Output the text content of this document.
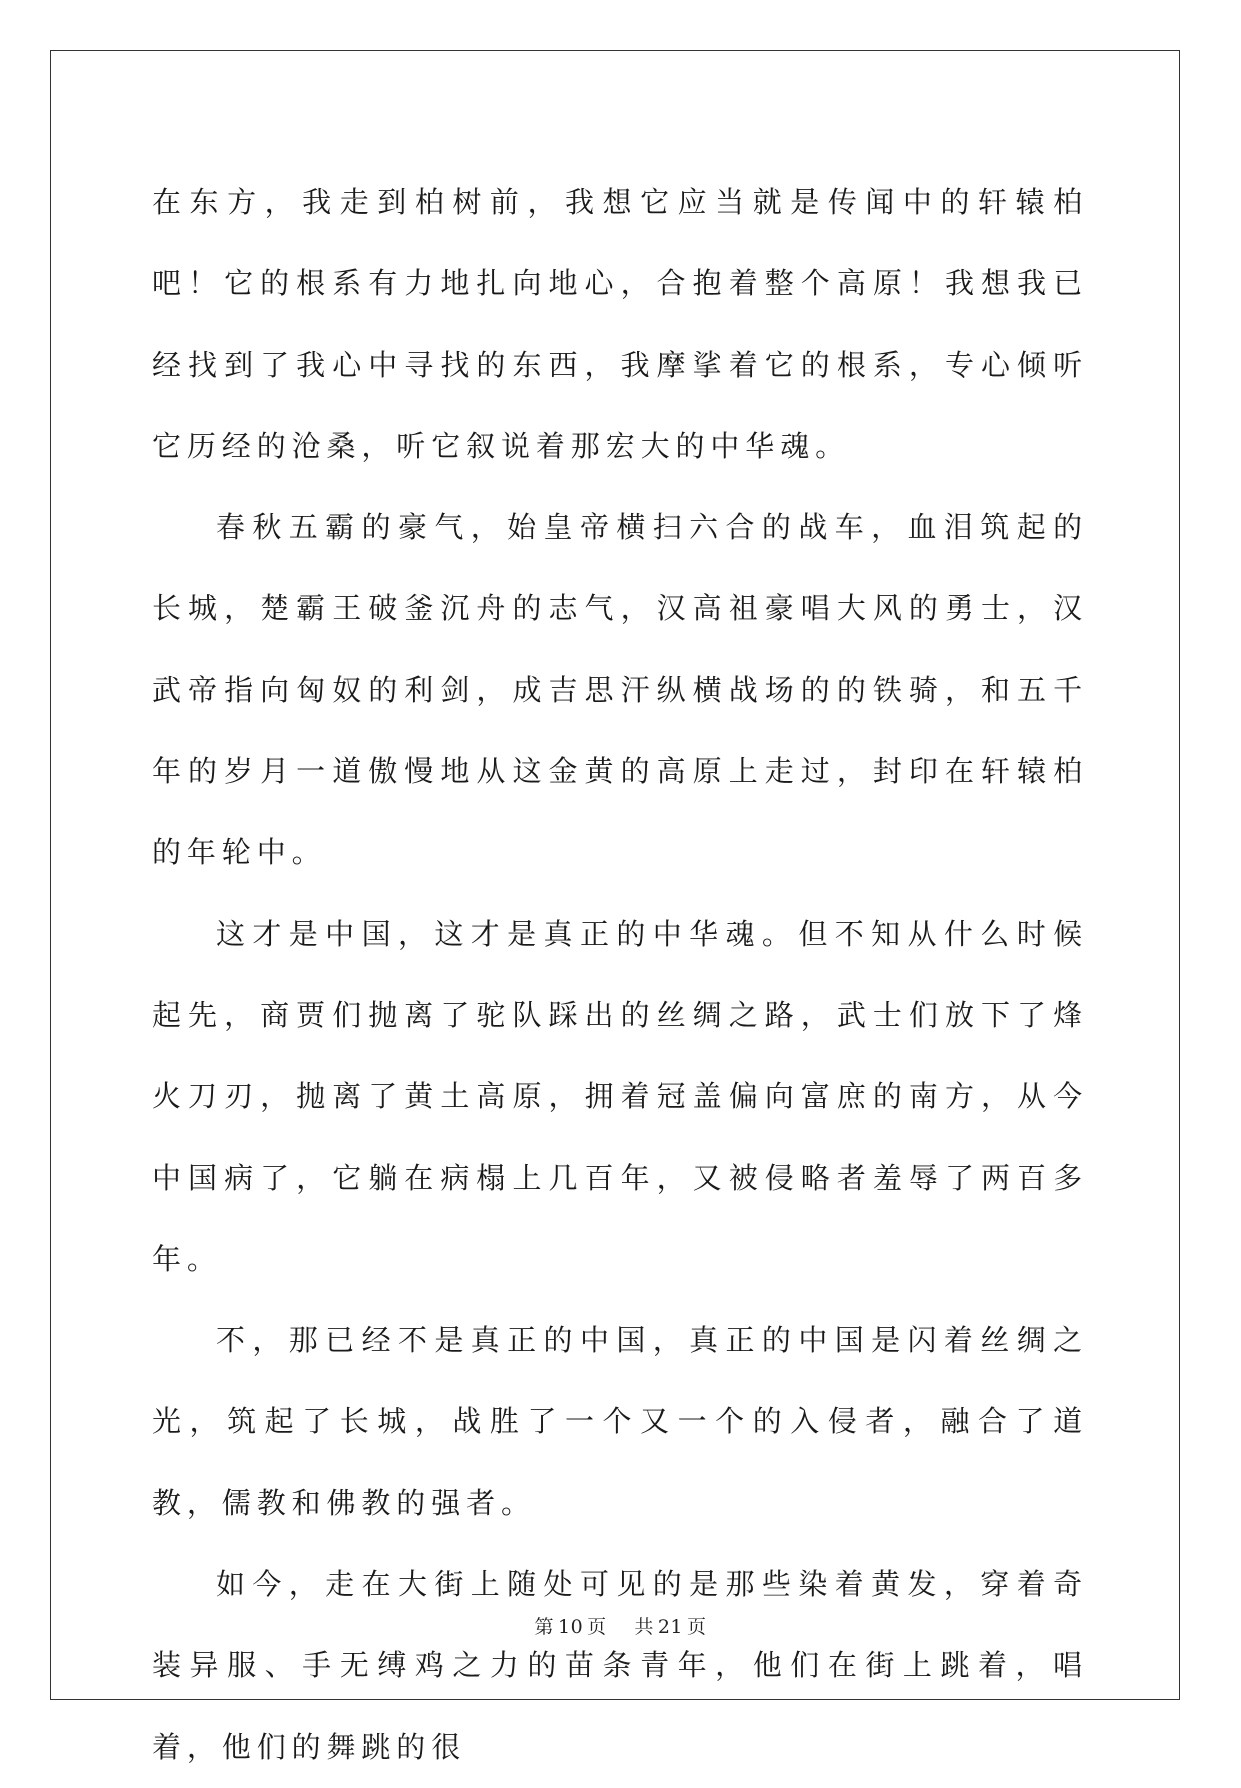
在东方，我走到柏树前，我想它应当就是传闻中的轩辕柏吧！它的根系有力地扎向地心，合抱着整个高原！我想我已经找到了我心中寻找的东西，我摩挲着它的根系，专心倾听它历经的沧桑，听它叙说着那宏大的中华魂。

春秋五霸的豪气，始皇帝横扫六合的战车，血泪筑起的长城，楚霸王破釜沉舟的志气，汉高祖豪唱大风的勇士，汉武帝指向匈奴的利剑，成吉思汗纵横战场的的铁骑，和五千年的岁月一道傲慢地从这金黄的高原上走过，封印在轩辕柏的年轮中。

这才是中国，这才是真正的中华魂。但不知从什么时候起先，商贾们抛离了驼队踩出的丝绸之路，武士们放下了烽火刀刃，抛离了黄土高原，拥着冠盖偏向富庶的南方，从今中国病了，它躺在病榻上几百年，又被侵略者羞辱了两百多年。

不，那已经不是真正的中国，真正的中国是闪着丝绸之光，筑起了长城，战胜了一个又一个的入侵者，融合了道教，儒教和佛教的强者。

如今，走在大街上随处可见的是那些染着黄发，穿着奇装异服、手无缚鸡之力的苗条青年，他们在街上跳着，唱着，他们的舞跳的很

第 10 页 共 21 页
